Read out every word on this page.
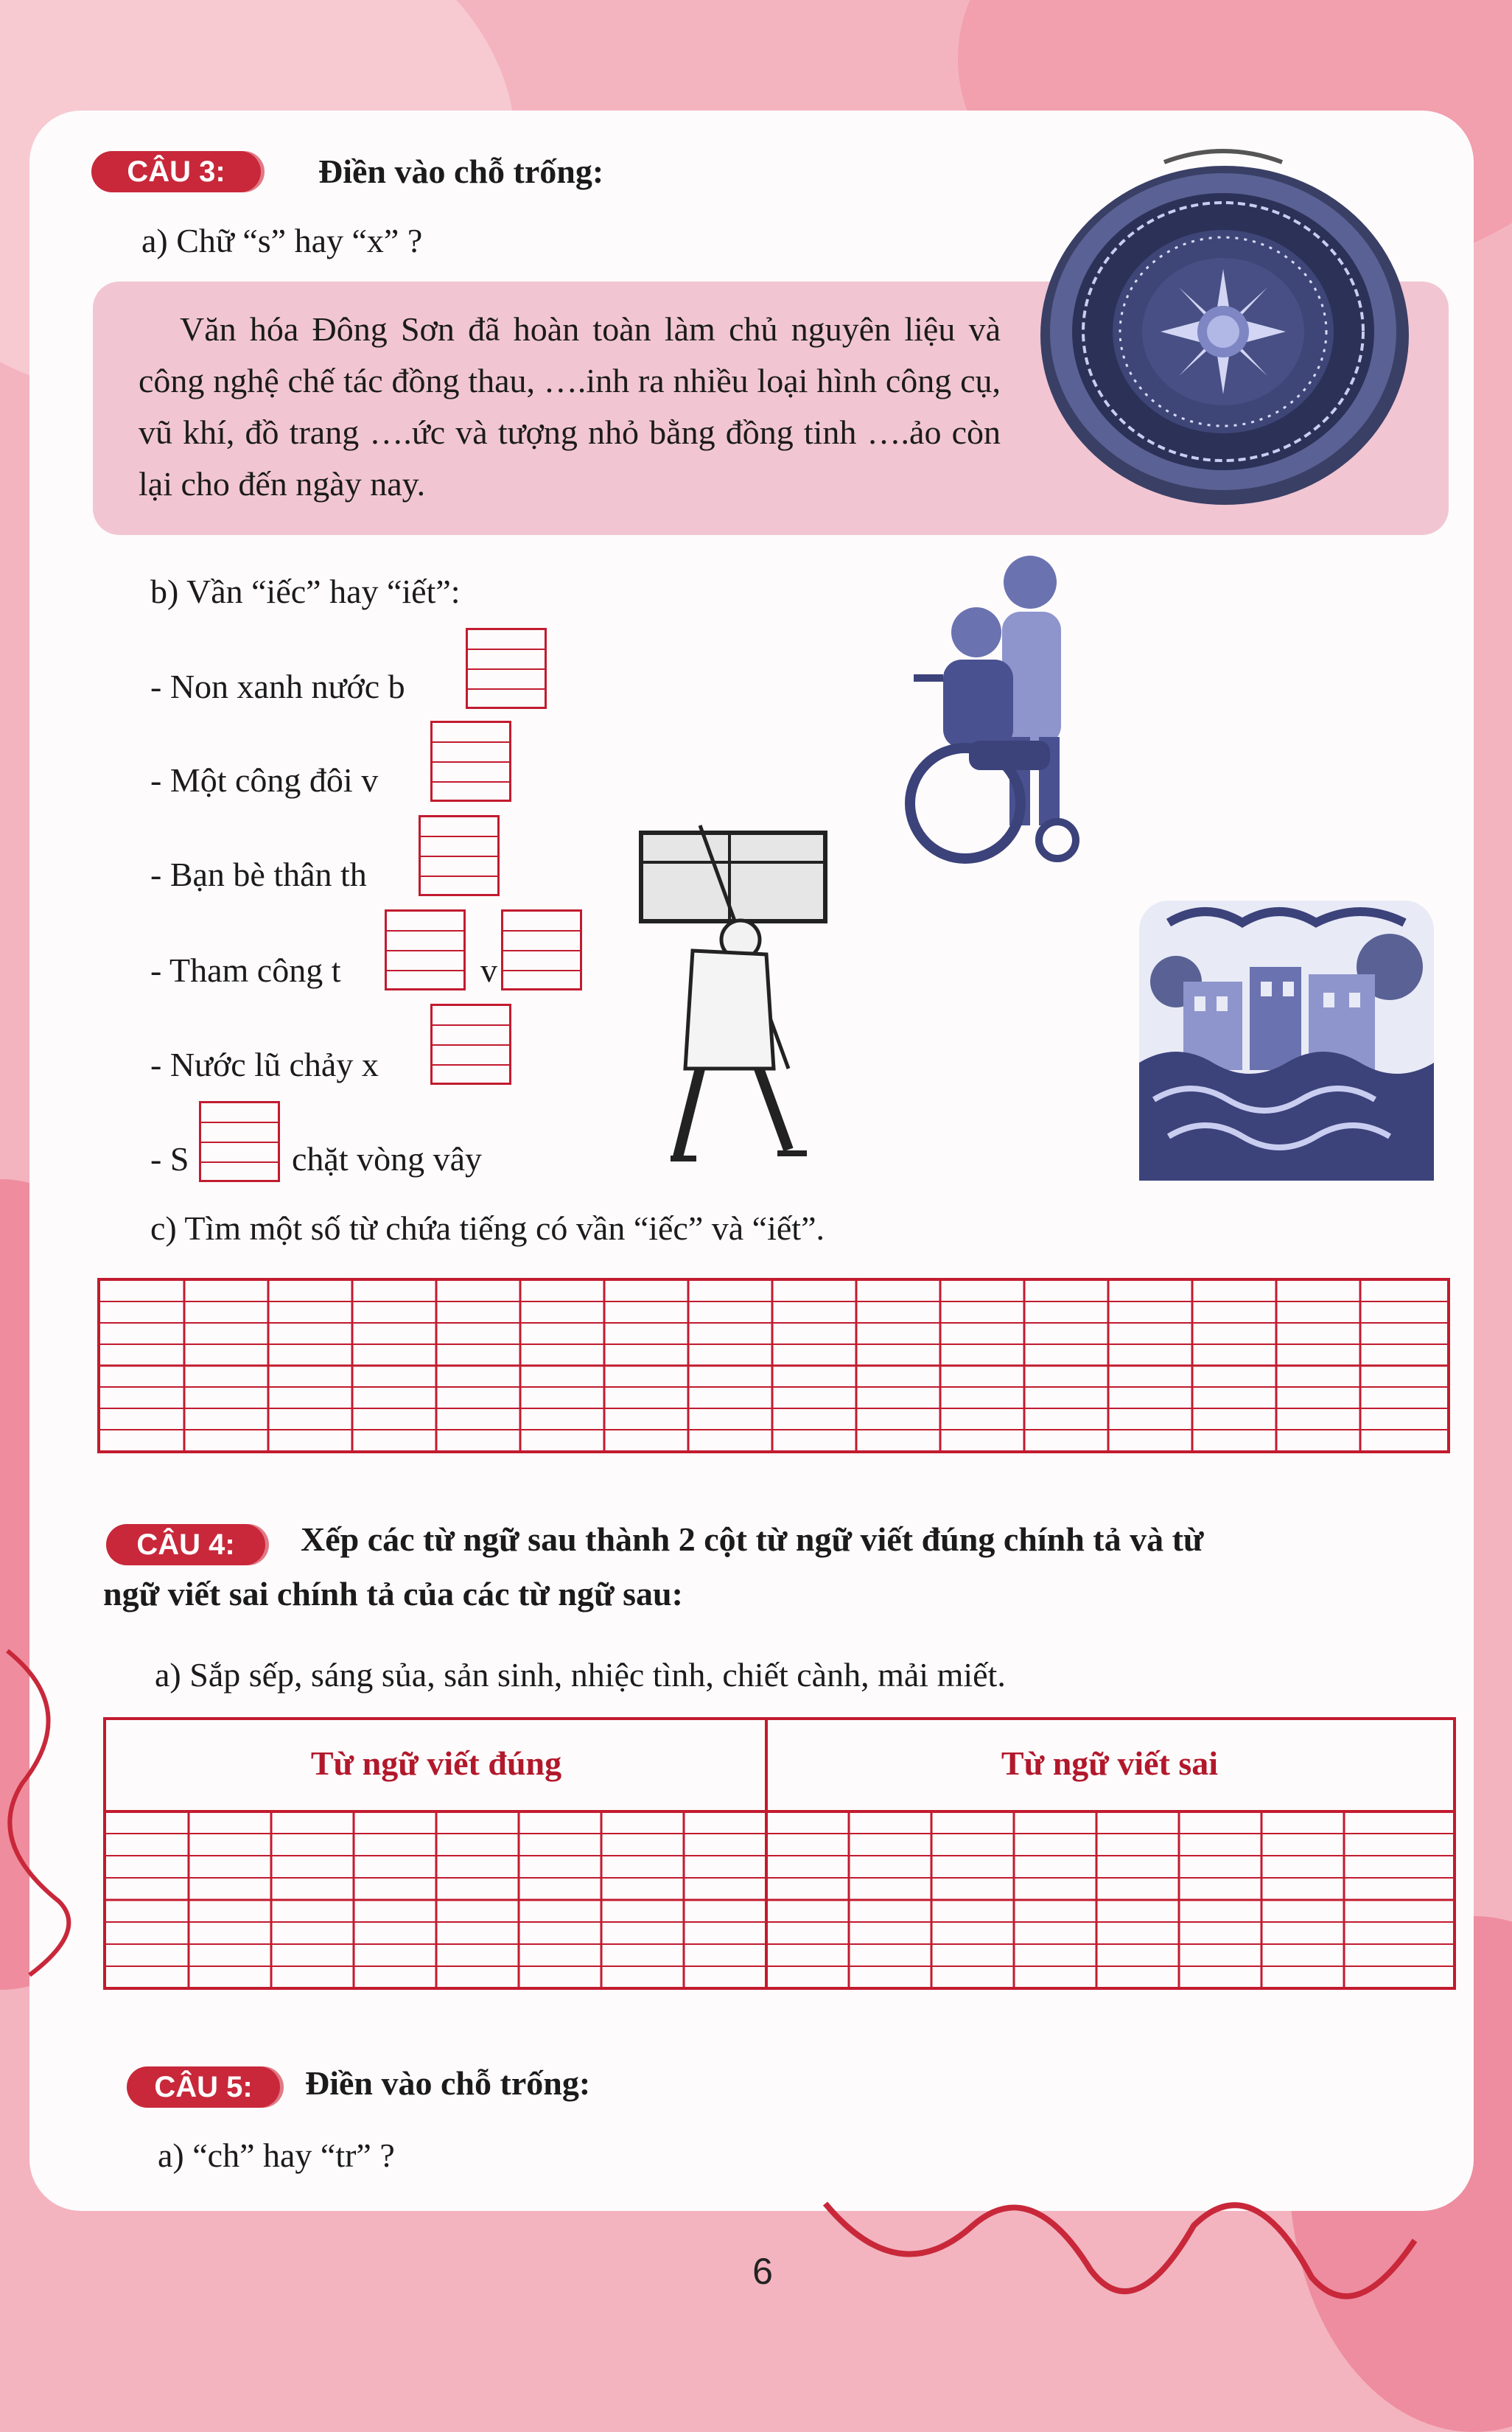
CÂU 3:	Điền vào chỗ trống:
a) Chữ “s” hay “x” ?
Văn hóa Đông Sơn đã hoàn toàn làm chủ nguyên liệu và công nghệ chế tác đồng thau, ….inh ra nhiều loại hình công cụ, vũ khí, đồ trang ….ức và tượng nhỏ bằng đồng tinh ….ảo còn lại cho đến ngày nay.
b) Vần “iếc” hay “iết”:
- Non xanh nước b
- Một công đôi v
- Bạn bè thân th
- Tham công t	v
- Nước lũ chảy x
- S	chặt vòng vây
c) Tìm một số từ chứa tiếng có vần “iếc” và “iết”.
CÂU 4:	Xếp các từ ngữ sau thành 2 cột từ ngữ viết đúng chính tả và từ
ngữ viết sai chính tả của các từ ngữ sau:
a) Sắp sếp, sáng sủa, sản sinh, nhiệc tình, chiết cành, mải miết.
Từ ngữ viết đúng	Từ ngữ viết sai
CÂU 5:	Điền vào chỗ trống:
a) “ch” hay “tr” ?
6
